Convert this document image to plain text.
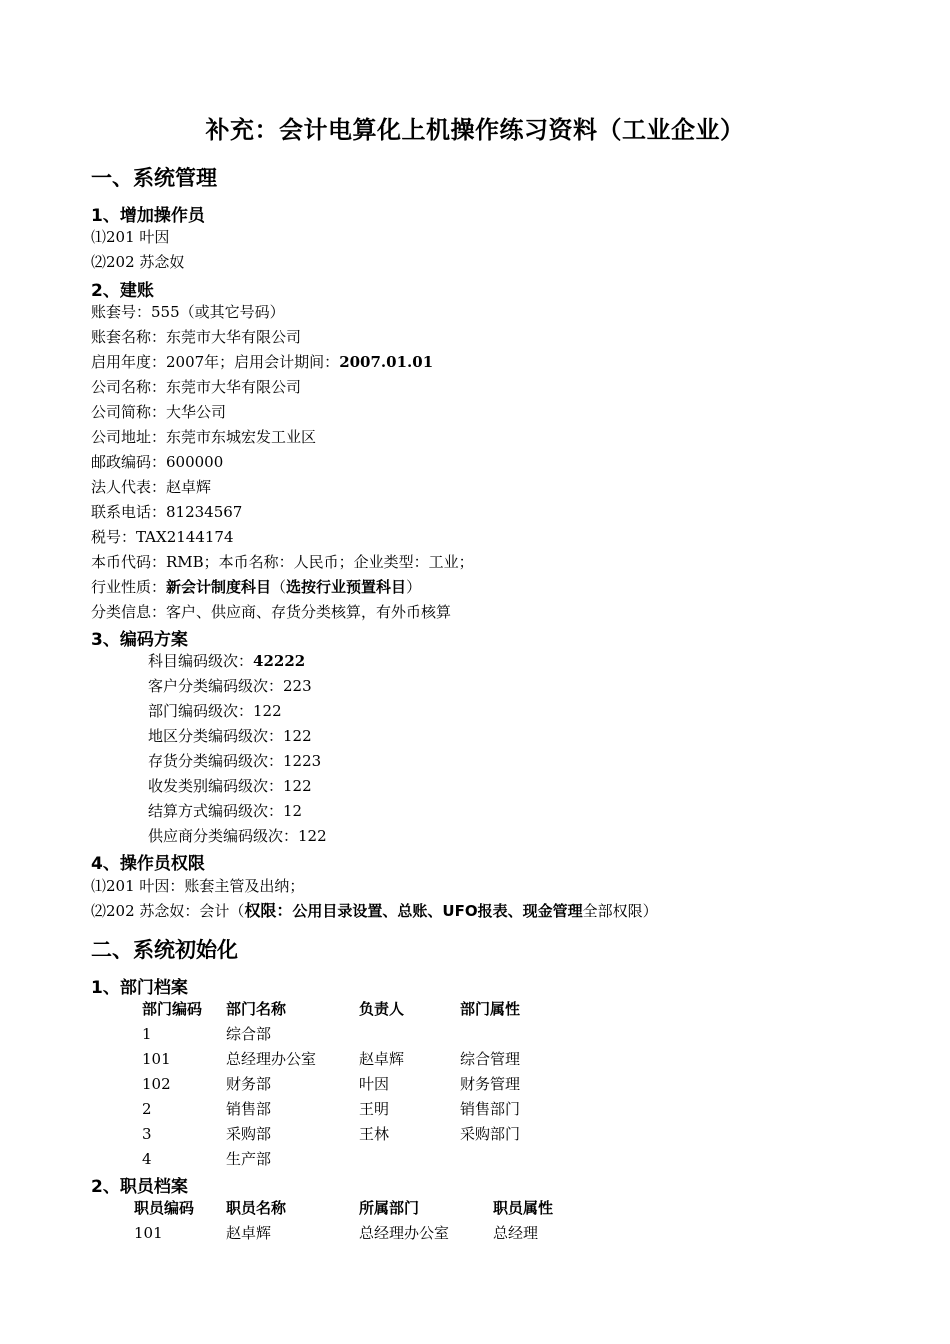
补充：会计电算化上机操作练习资料（工业企业）
一、系统管理
1、增加操作员
⑴201 叶因
⑵202 苏念奴
2、建账
账套号：555（或其它号码）
账套名称：东莞市大华有限公司
启用年度：2007年；启用会计期间：2007.01.01
公司名称：东莞市大华有限公司
公司简称：大华公司
公司地址：东莞市东城宏发工业区
邮政编码：600000
法人代表：赵卓辉
联系电话：81234567
税号：TAX2144174
本币代码：RMB；本币名称：人民币；企业类型：工业；
行业性质：新会计制度科目（选按行业预置科目）
分类信息：客户、供应商、存货分类核算，有外币核算
3、编码方案
科目编码级次：42222
客户分类编码级次：223
部门编码级次：122
地区分类编码级次：122
存货分类编码级次：1223
收发类别编码级次：122
结算方式编码级次：12
供应商分类编码级次：122
4、操作员权限
⑴201 叶因：账套主管及出纳；
⑵202 苏念奴：会计（权限：公用目录设置、总账、UFO报表、现金管理全部权限）
二、系统初始化
1、部门档案
部门编码 部门名称	负责人	部门属性
1	综合部
101	总经理办公室	赵卓辉	综合管理
102	财务部	叶因	财务管理
2	销售部	王明	销售部门
3	采购部	王林	采购部门
4	生产部
2、职员档案
职员编码 职员名称	所属部门	职员属性
101	赵卓辉	总经理办公室	总经理
